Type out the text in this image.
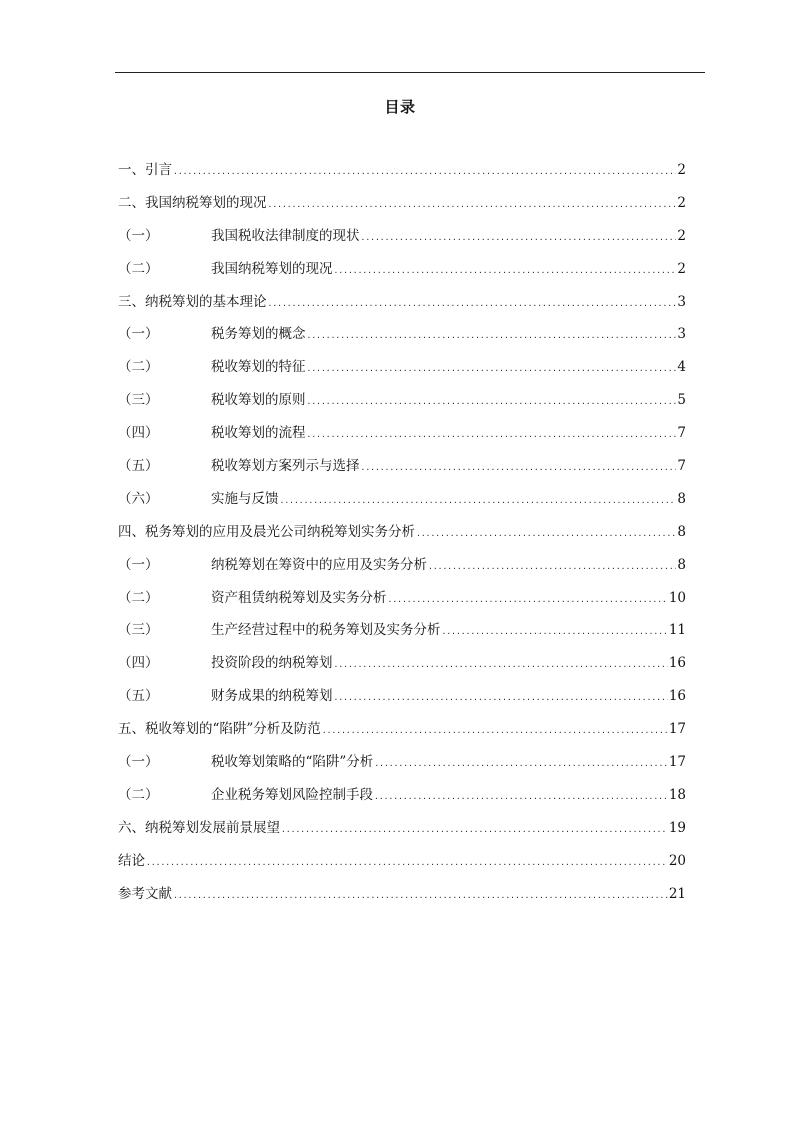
目录
一、 引言 .....	2
二、 我国纳税筹划的现况 .....	2
（一）	我国税收法律制度的现状 .....	2
（二）	我国纳税筹划的现况 .....	2
三、 纳税筹划的基本理论 .....	3
（一）	税务筹划的概念 .....	3
（二）	税收筹划的特征 .....	4
（三）	税收筹划的原则 .....	5
（四）	税收筹划的流程 .....	7
（五）	税收筹划方案列示与选择 .....	7
（六）	实施与反馈 .....	8
四、 税务筹划的应用及晨光公司纳税筹划实务分析 .....	8
（一）	纳税筹划在筹资中的应用及实务分析 .....	8
（二）	资产租赁纳税筹划及实务分析 .....	10
（三）	生产经营过程中的税务筹划及实务分析 .....	11
（四）	投资阶段的纳税筹划 .....	16
（五）	财务成果的纳税筹划 .....	16
五、 税收筹划的“陷阱”分析及防范 .....	17
（一）	税收筹划策略的“陷阱”分析 .....	17
（二）	企业税务筹划风险控制手段 .....	18
六、 纳税筹划发展前景展望 .....	19
结论 .....	20
参考文献 .....	21
